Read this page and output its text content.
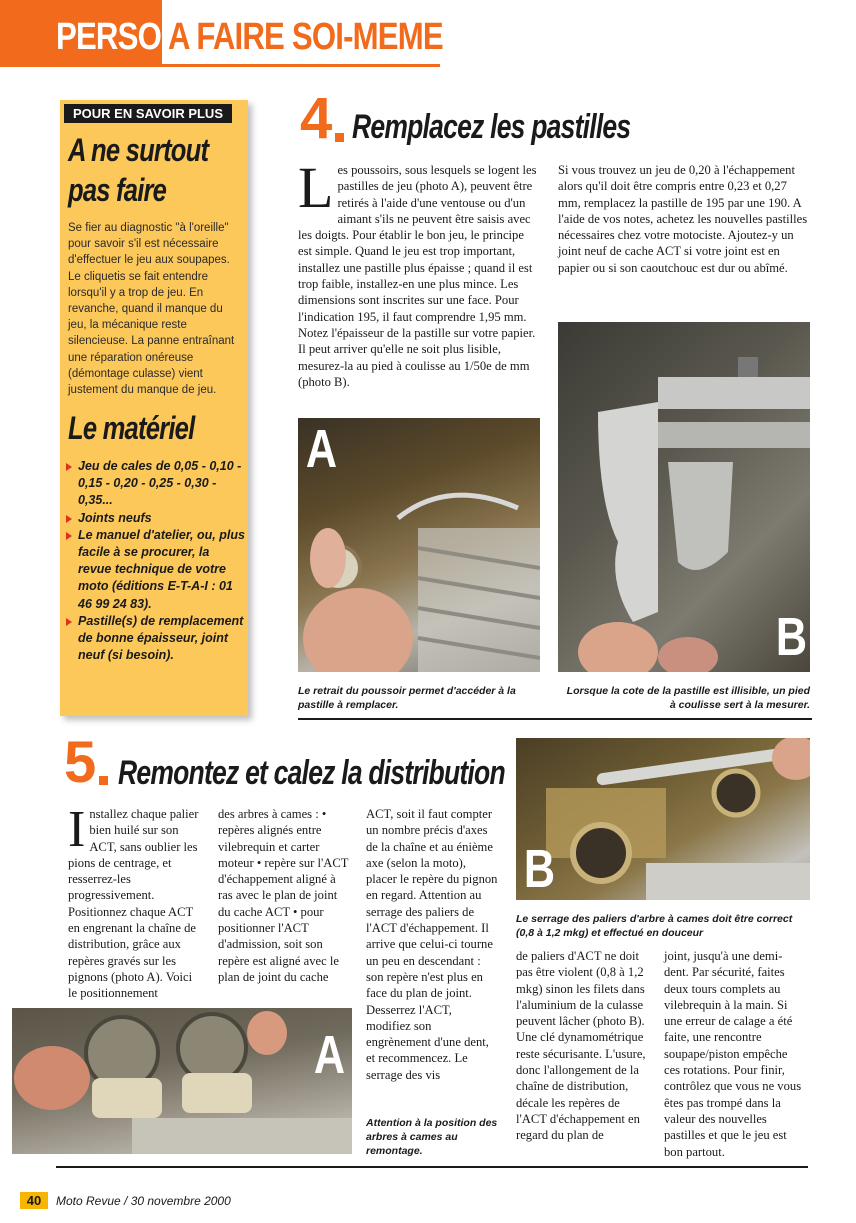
PERSO A FAIRE SOI-MEME
POUR EN SAVOIR PLUS
A ne surtout
pas faire
Se fier au diagnostic "à l'oreille" pour savoir s'il est nécessaire d'effectuer le jeu aux soupapes. Le cliquetis se fait entendre lorsqu'il y a trop de jeu. En revanche, quand il manque du jeu, la mécanique reste silencieuse. La panne entraînant une réparation onéreuse (démontage culasse) vient justement du manque de jeu.
Le matériel
Jeu de cales de 0,05 - 0,10 - 0,15 - 0,20 - 0,25 - 0,30 - 0,35...
Joints neufs
Le manuel d'atelier, ou, plus facile à se procurer, la revue technique de votre moto (éditions E-T-A-I : 01 46 99 24 83).
Pastille(s) de remplacement de bonne épaisseur, joint neuf (si besoin).
4 Remplacez les pastilles
Les poussoirs, sous lesquels se logent les pastilles de jeu (photo A), peuvent être retirés à l'aide d'une ventouse ou d'un aimant s'ils ne peuvent être saisis avec les doigts. Pour établir le bon jeu, le principe est simple. Quand le jeu est trop important, installez une pastille plus épaisse ; quand il est trop faible, installez-en une plus mince. Les dimensions sont inscrites sur une face. Pour l'indication 195, il faut comprendre 1,95 mm. Notez l'épaisseur de la pastille sur votre papier. Il peut arriver qu'elle ne soit plus lisible, mesurez-la au pied à coulisse au 1/50e de mm (photo B).
Si vous trouvez un jeu de 0,20 à l'échappement alors qu'il doit être compris entre 0,23 et 0,27 mm, remplacez la pastille de 195 par une 190. A l'aide de vos notes, achetez les nouvelles pastilles nécessaires chez votre motociste. Ajoutez-y un joint neuf de cache ACT si votre joint est en papier ou si son caoutchouc est dur ou abîmé.
A
Le retrait du poussoir permet d'accéder à la pastille à remplacer.
B
Lorsque la cote de la pastille est illisible, un pied à coulisse sert à la mesurer.
5 Remontez et calez la distribution
Installez chaque palier bien huilé sur son ACT, sans oublier les pions de centrage, et resserrez-les progressivement. Positionnez chaque ACT en engrenant la chaîne de distribution, grâce aux repères gravés sur les pignons (photo A). Voici le positionnement
des arbres à cames : • repères alignés entre vilebrequin et carter moteur • repère sur l'ACT d'échappement aligné à ras avec le plan de joint du cache ACT • pour positionner l'ACT d'admission, soit son repère est aligné avec le plan de joint du cache
ACT, soit il faut compter un nombre précis d'axes de la chaîne et au énième axe (selon la moto), placer le repère du pignon en regard. Attention au serrage des paliers de l'ACT d'échappement. Il arrive que celui-ci tourne un peu en descendant : son repère n'est plus en face du plan de joint. Desserrez l'ACT, modifiez son engrènement d'une dent, et recommencez. Le serrage des vis
de paliers d'ACT ne doit pas être violent (0,8 à 1,2 mkg) sinon les filets dans l'aluminium de la culasse peuvent lâcher (photo B). Une clé dynamométrique reste sécurisante. L'usure, donc l'allongement de la chaîne de distribution, décale les repères de l'ACT d'échappement en regard du plan de
joint, jusqu'à une demi-dent. Par sécurité, faites deux tours complets au vilebrequin à la main. Si une erreur de calage a été faite, une rencontre soupape/piston empêche ces rotations. Pour finir, contrôlez que vous ne vous êtes pas trompé dans la valeur des nouvelles pastilles et que le jeu est bon partout.
A
Attention à la position des arbres à cames au remontage.
B
Le serrage des paliers d'arbre à cames doit être correct (0,8 à 1,2 mkg) et effectué en douceur
40	Moto Revue / 30 novembre 2000
